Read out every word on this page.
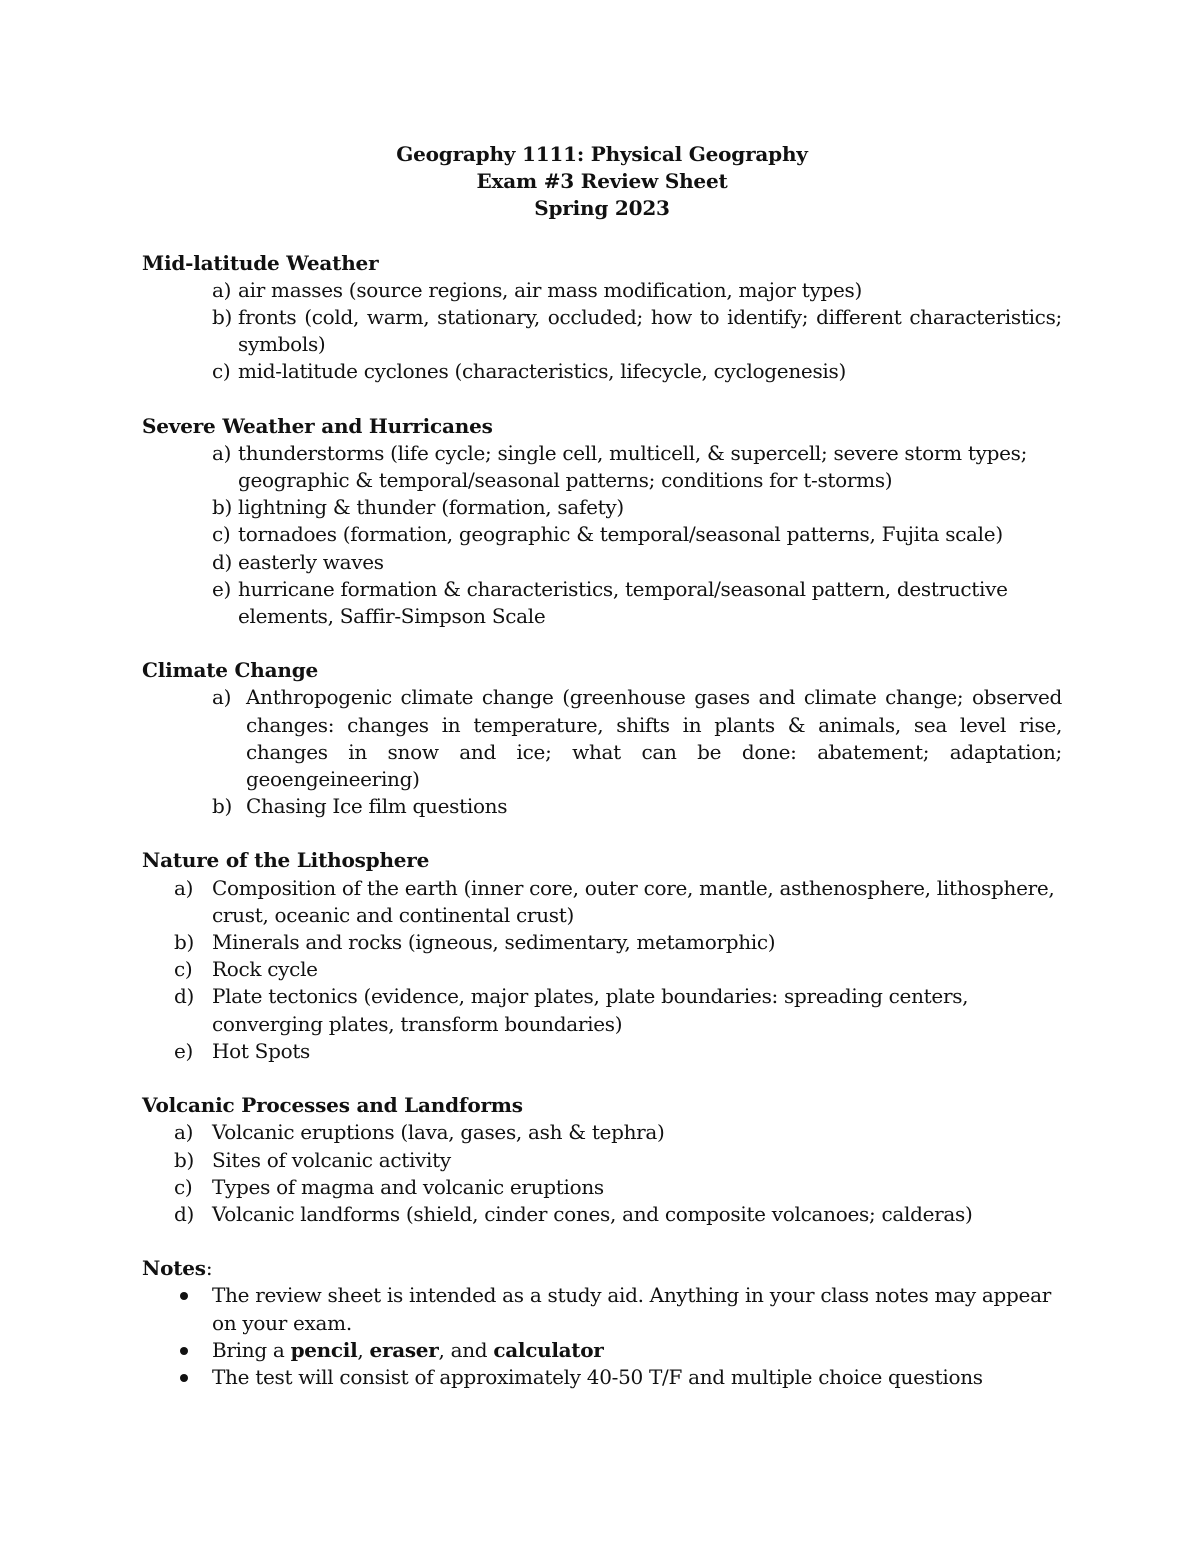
Geography 1111: Physical Geography
Exam #3 Review Sheet
Spring 2023
Mid-latitude Weather
a) air masses (source regions, air mass modification, major types)
b) fronts (cold, warm, stationary, occluded; how to identify; different characteristics; symbols)
c) mid-latitude cyclones (characteristics, lifecycle, cyclogenesis)
Severe Weather and Hurricanes
a) thunderstorms (life cycle; single cell, multicell, & supercell; severe storm types; geographic & temporal/seasonal patterns; conditions for t-storms)
b) lightning & thunder (formation, safety)
c) tornadoes (formation, geographic & temporal/seasonal patterns, Fujita scale)
d) easterly waves
e) hurricane formation & characteristics, temporal/seasonal pattern, destructive elements, Saffir-Simpson Scale
Climate Change
a) Anthropogenic climate change (greenhouse gases and climate change; observed changes: changes in temperature, shifts in plants & animals, sea level rise, changes in snow and ice; what can be done: abatement; adaptation; geoengeineering)
b) Chasing Ice film questions
Nature of the Lithosphere
a) Composition of the earth (inner core, outer core, mantle, asthenosphere, lithosphere, crust, oceanic and continental crust)
b) Minerals and rocks (igneous, sedimentary, metamorphic)
c) Rock cycle
d) Plate tectonics (evidence, major plates, plate boundaries: spreading centers, converging plates, transform boundaries)
e) Hot Spots
Volcanic Processes and Landforms
a) Volcanic eruptions (lava, gases, ash & tephra)
b) Sites of volcanic activity
c) Types of magma and volcanic eruptions
d) Volcanic landforms (shield, cinder cones, and composite volcanoes; calderas)
Notes:
The review sheet is intended as a study aid. Anything in your class notes may appear on your exam.
Bring a pencil, eraser, and calculator
The test will consist of approximately 40-50 T/F and multiple choice questions
